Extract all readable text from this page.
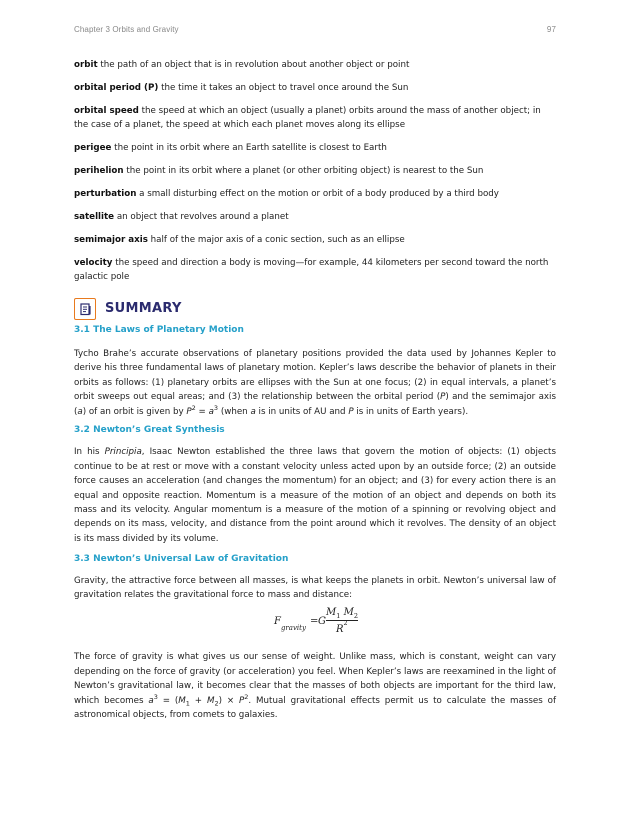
Chapter 3 Orbits and Gravity	97

orbit the path of an object that is in revolution about another object or point

orbital period (P) the time it takes an object to travel once around the Sun

orbital speed the speed at which an object (usually a planet) orbits around the mass of another object; in the case of a planet, the speed at which each planet moves along its ellipse

perigee the point in its orbit where an Earth satellite is closest to Earth

perihelion the point in its orbit where a planet (or other orbiting object) is nearest to the Sun

perturbation a small disturbing effect on the motion or orbit of a body produced by a third body

satellite an object that revolves around a planet

semimajor axis half of the major axis of a conic section, such as an ellipse

velocity the speed and direction a body is moving—for example, 44 kilometers per second toward the north galactic pole

SUMMARY
3.1 The Laws of Planetary Motion

Tycho Brahe’s accurate observations of planetary positions provided the data used by Johannes Kepler to derive his three fundamental laws of planetary motion. Kepler’s laws describe the behavior of planets in their orbits as follows: (1) planetary orbits are ellipses with the Sun at one focus; (2) in equal intervals, a planet’s orbit sweeps out equal areas; and (3) the relationship between the orbital period (P) and the semimajor axis (a) of an orbit is given by $P^2 = a^3$ (when a is in units of AU and P is in units of Earth years).

3.2 Newton’s Great Synthesis

In his Principia, Isaac Newton established the three laws that govern the motion of objects: (1) objects continue to be at rest or move with a constant velocity unless acted upon by an outside force; (2) an outside force causes an acceleration (and changes the momentum) for an object; and (3) for every action there is an equal and opposite reaction. Momentum is a measure of the motion of an object and depends on both its mass and its velocity. Angular momentum is a measure of the motion of a spinning or revolving object and depends on its mass, velocity, and distance from the point around which it revolves. The density of an object is its mass divided by its volume.

3.3 Newton’s Universal Law of Gravitation

Gravity, the attractive force between all masses, is what keeps the planets in orbit. Newton’s universal law of gravitation relates the gravitational force to mass and distance:

$F_{gravity}$
= G
$M_1$ $M_2$
$R^2$

The force of gravity is what gives us our sense of weight. Unlike mass, which is constant, weight can vary depending on the force of gravity (or acceleration) you feel. When Kepler’s laws are reexamined in the light of Newton’s gravitational law, it becomes clear that the masses of both objects are important for the third law, which becomes $a^3 = (M_1 + M_2) \times P^2$. Mutual gravitational effects permit us to calculate the masses of astronomical objects, from comets to galaxies.
